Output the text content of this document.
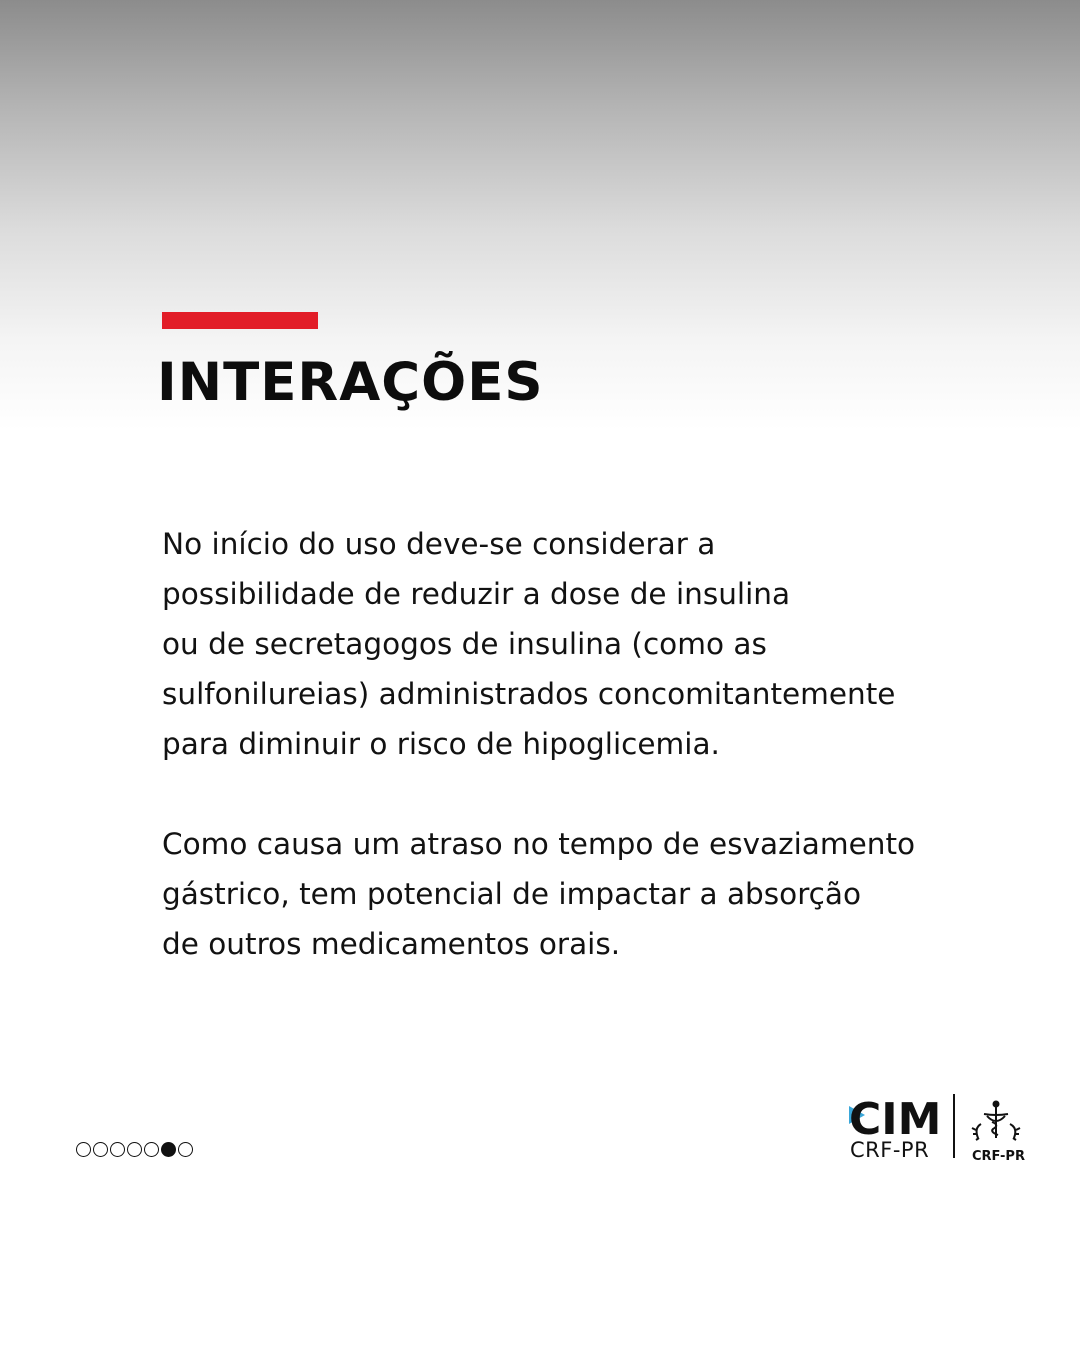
INTERAÇÕES

No início do uso deve-se considerar a
possibilidade de reduzir a dose de insulina
ou de secretagogos de insulina (como as
sulfonilureias) administrados concomitantemente
para diminuir o risco de hipoglicemia.

Como causa um atraso no tempo de esvaziamento
gástrico, tem potencial de impactar a absorção
de outros medicamentos orais.

CIM
CRF-PR	CRF-PR
